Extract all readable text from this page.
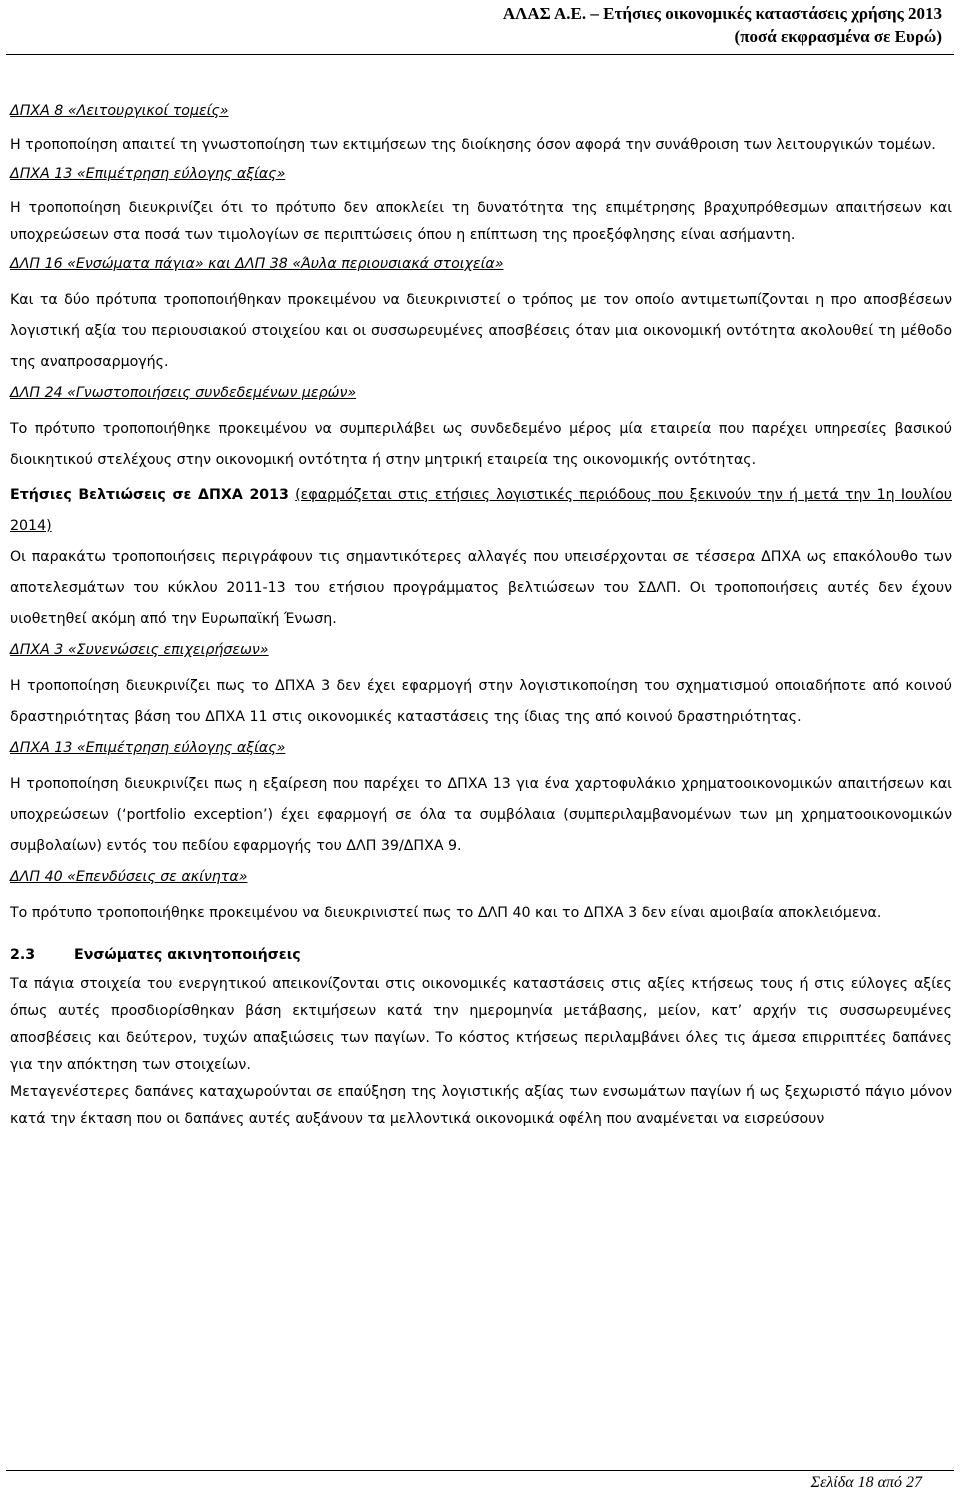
ΑΛΑΣ Α.Ε. – Ετήσιες οικονομικές καταστάσεις χρήσης 2013
(ποσά εκφρασμένα σε Ευρώ)

ΔΠΧΑ 8 «Λειτουργικοί τομείς»

Η τροποποίηση απαιτεί τη γνωστοποίηση των εκτιμήσεων της διοίκησης όσον αφορά την συνάθροιση των λειτουργικών τομέων.

ΔΠΧΑ 13 «Επιμέτρηση εύλογης αξίας»

Η τροποποίηση διευκρινίζει ότι το πρότυπο δεν αποκλείει τη δυνατότητα της επιμέτρησης βραχυπρόθεσμων απαιτήσεων και υποχρεώσεων στα ποσά των τιμολογίων σε περιπτώσεις όπου η επίπτωση της προεξόφλησης είναι ασήμαντη.

ΔΛΠ 16 «Ενσώματα πάγια» και ΔΛΠ 38 «Άυλα περιουσιακά στοιχεία»

Και τα δύο πρότυπα τροποποιήθηκαν προκειμένου να διευκρινιστεί ο τρόπος με τον οποίο αντιμετωπίζονται η προ αποσβέσεων λογιστική αξία του περιουσιακού στοιχείου και οι συσσωρευμένες αποσβέσεις όταν μια οικονομική οντότητα ακολουθεί τη μέθοδο της αναπροσαρμογής.

ΔΛΠ 24 «Γνωστοποιήσεις συνδεδεμένων μερών»

Το πρότυπο τροποποιήθηκε προκειμένου να συμπεριλάβει ως συνδεδεμένο μέρος μία εταιρεία που παρέχει υπηρεσίες βασικού διοικητικού στελέχους στην οικονομική οντότητα ή στην μητρική εταιρεία της οικονομικής οντότητας.

Ετήσιες Βελτιώσεις σε ΔΠΧΑ 2013 (εφαρμόζεται στις ετήσιες λογιστικές περιόδους που ξεκινούν την ή μετά την 1η Ιουλίου 2014)

Οι παρακάτω τροποποιήσεις περιγράφουν τις σημαντικότερες αλλαγές που υπεισέρχονται σε τέσσερα ΔΠΧΑ ως επακόλουθο των αποτελεσμάτων του κύκλου 2011-13 του ετήσιου προγράμματος βελτιώσεων του ΣΔΛΠ. Οι τροποποιήσεις αυτές δεν έχουν υιοθετηθεί ακόμη από την Ευρωπαϊκή Ένωση.

ΔΠΧΑ 3 «Συνενώσεις επιχειρήσεων»

Η τροποποίηση διευκρινίζει πως το ΔΠΧΑ 3 δεν έχει εφαρμογή στην λογιστικοποίηση του σχηματισμού οποιαδήποτε από κοινού δραστηριότητας βάση του ΔΠΧΑ 11 στις οικονομικές καταστάσεις της ίδιας της από κοινού δραστηριότητας.

ΔΠΧΑ 13 «Επιμέτρηση εύλογης αξίας»

Η τροποποίηση διευκρινίζει πως η εξαίρεση που παρέχει το ΔΠΧΑ 13 για ένα χαρτοφυλάκιο χρηματοοικονομικών απαιτήσεων και υποχρεώσεων (‘portfolio exception’) έχει εφαρμογή σε όλα τα συμβόλαια (συμπεριλαμβανομένων των μη χρηματοοικονομικών συμβολαίων) εντός του πεδίου εφαρμογής του ΔΛΠ 39/ΔΠΧΑ 9.

ΔΛΠ 40 «Επενδύσεις σε ακίνητα»

Το πρότυπο τροποποιήθηκε προκειμένου να διευκρινιστεί πως το ΔΛΠ 40 και το ΔΠΧΑ 3 δεν είναι αμοιβαία αποκλειόμενα.

2.3	Ενσώματες ακινητοποιήσεις

Τα πάγια στοιχεία του ενεργητικού απεικονίζονται στις οικονομικές καταστάσεις στις αξίες κτήσεως τους ή στις εύλογες αξίες όπως αυτές προσδιορίσθηκαν βάση εκτιμήσεων κατά την ημερομηνία μετάβασης, μείον, κατ’ αρχήν τις συσσωρευμένες αποσβέσεις και δεύτερον, τυχών απαξιώσεις των παγίων. Το κόστος κτήσεως περιλαμβάνει όλες τις άμεσα επιρριπτέες δαπάνες για την απόκτηση των στοιχείων.

Μεταγενέστερες δαπάνες καταχωρούνται σε επαύξηση της λογιστικής αξίας των ενσωμάτων παγίων ή ως ξεχωριστό πάγιο μόνον κατά την έκταση που οι δαπάνες αυτές αυξάνουν τα μελλοντικά οικονομικά οφέλη που αναμένεται να εισρεύσουν

Σελίδα 18 από 27
